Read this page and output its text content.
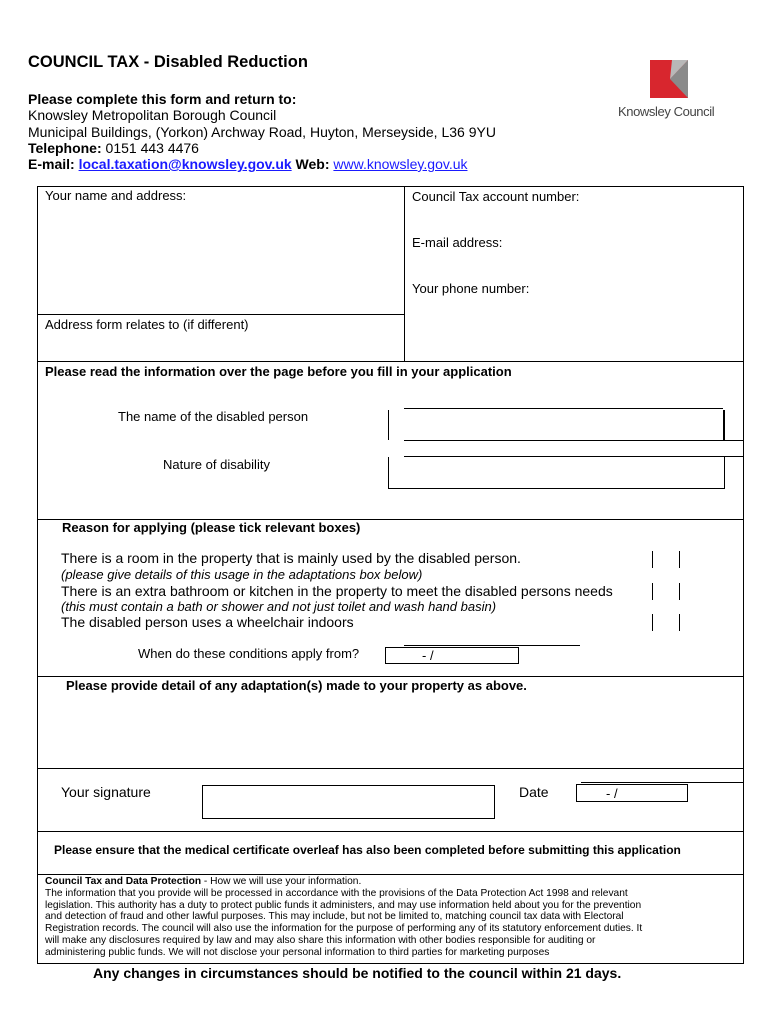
COUNCIL TAX - Disabled Reduction
Please complete this form and return to:
Knowsley Metropolitan Borough Council
Municipal Buildings, (Yorkon) Archway Road, Huyton, Merseyside, L36 9YU
Telephone: 0151 443 4476
E-mail: local.taxation@knowsley.gov.uk Web: www.knowsley.gov.uk
Knowsley Council
Your name and address:
Address form relates to (if different)
Council Tax account number:
E-mail address:
Your phone number:
Please read the information over the page before you fill in your application
The name of the disabled person
Nature of disability
Reason for applying (please tick relevant boxes)
There is a room in the property that is mainly used by the disabled person.
(please give details of this usage in the adaptations box below)
There is an extra bathroom or kitchen in the property to meet the disabled persons needs
(this must contain a bath or shower and not just toilet and wash hand basin)
The disabled person uses a wheelchair indoors
When do these conditions apply from?	- /
Please provide detail of any adaptation(s) made to your property as above.
Your signature	Date	- /
Please ensure that the medical certificate overleaf has also been completed before submitting this application
Council Tax and Data Protection - How we will use your information.
The information that you provide will be processed in accordance with the provisions of the Data Protection Act 1998 and relevant
legislation. This authority has a duty to protect public funds it administers, and may use information held about you for the prevention
and detection of fraud and other lawful purposes. This may include, but not be limited to, matching council tax data with Electoral
Registration records. The council will also use the information for the purpose of performing any of its statutory enforcement duties. It
will make any disclosures required by law and may also share this information with other bodies responsible for auditing or
administering public funds. We will not disclose your personal information to third parties for marketing purposes
Any changes in circumstances should be notified to the council within 21 days.
